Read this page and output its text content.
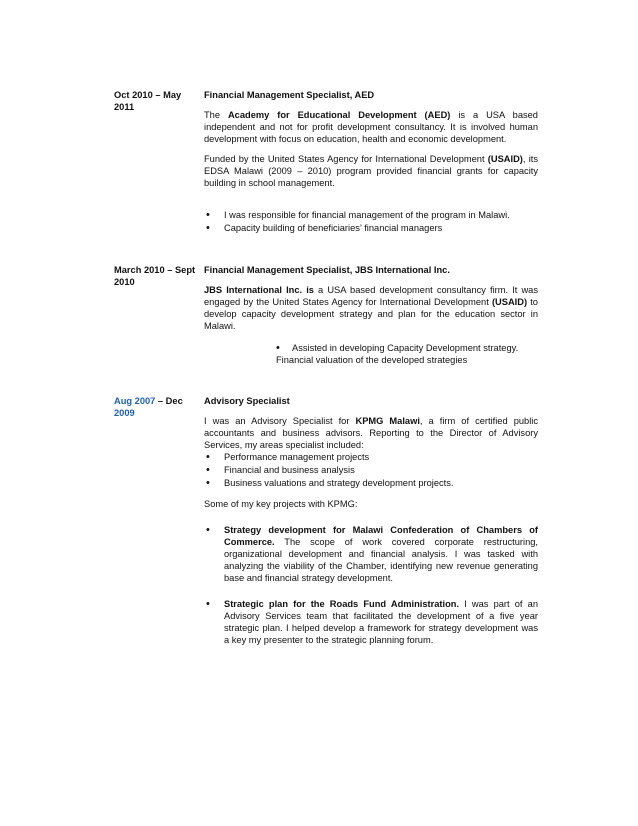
Oct 2010 – May
2011
Financial Management Specialist, AED

The Academy for Educational Development (AED) is a USA based independent and not for profit development consultancy. It is involved human development with focus on education, health and economic development.

Funded by the United States Agency for International Development (USAID), its EDSA Malawi (2009 – 2010) program provided financial grants for capacity building in school management.

• I was responsible for financial management of the program in Malawi.
• Capacity building of beneficiaries’ financial managers
March 2010 – Sept
2010
Financial Management Specialist, JBS International Inc.

JBS International Inc. is a USA based development consultancy firm. It was engaged by the United States Agency for International Development (USAID) to develop capacity development strategy and plan for the education sector in Malawi.

• Assisted in developing Capacity Development strategy.
Financial valuation of the developed strategies
Aug 2007 – Dec
2009
Advisory Specialist

I was an Advisory Specialist for KPMG Malawi, a firm of certified public accountants and business advisors. Reporting to the Director of Advisory Services, my areas specialist included:

• Performance management projects
• Financial and business analysis
• Business valuations and strategy development projects.

Some of my key projects with KPMG:

• Strategy development for Malawi Confederation of Chambers of Commerce. The scope of work covered corporate restructuring, organizational development and financial analysis. I was tasked with analyzing the viability of the Chamber, identifying new revenue generating base and financial strategy development.
• Strategic plan for the Roads Fund Administration. I was part of an Advisory Services team that facilitated the development of a five year strategic plan. I helped develop a framework for strategy development was a key my presenter to the strategic planning forum.
